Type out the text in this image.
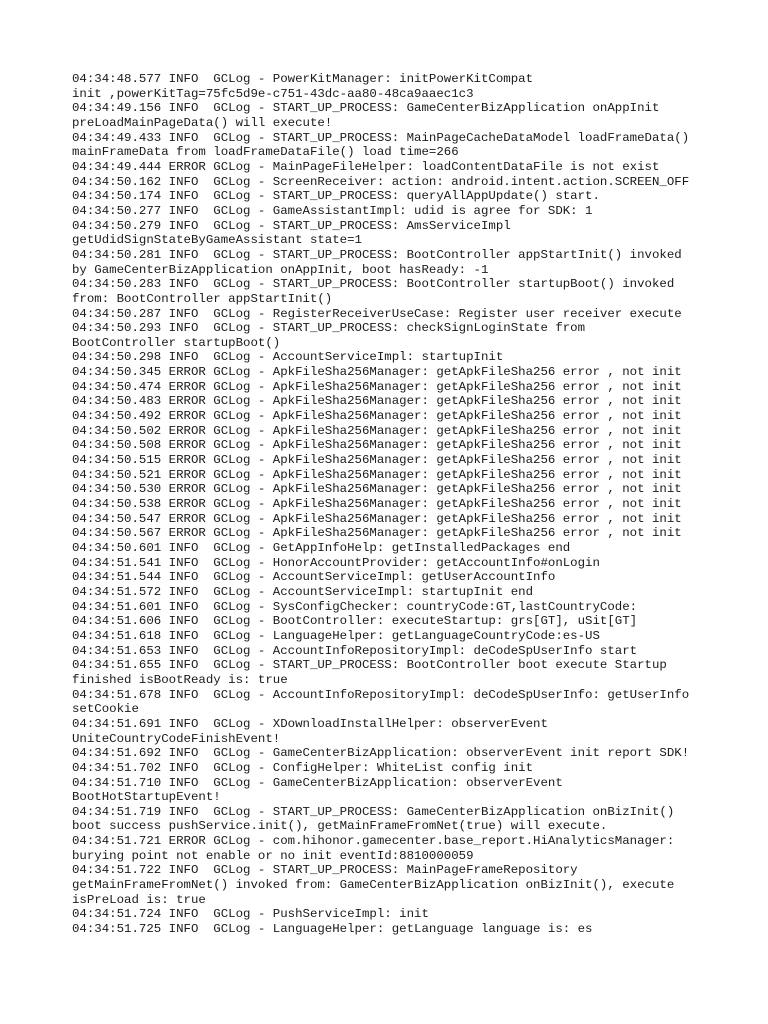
04:34:48.577 INFO  GCLog - PowerKitManager: initPowerKitCompat
init ,powerKitTag=75fc5d9e-c751-43dc-aa80-48ca9aaec1c3
04:34:49.156 INFO  GCLog - START_UP_PROCESS: GameCenterBizApplication onAppInit
preLoadMainPageData() will execute!
04:34:49.433 INFO  GCLog - START_UP_PROCESS: MainPageCacheDataModel loadFrameData()
mainFrameData from loadFrameDataFile() load time=266
04:34:49.444 ERROR GCLog - MainPageFileHelper: loadContentDataFile is not exist
04:34:50.162 INFO  GCLog - ScreenReceiver: action: android.intent.action.SCREEN_OFF
04:34:50.174 INFO  GCLog - START_UP_PROCESS: queryAllAppUpdate() start.
04:34:50.277 INFO  GCLog - GameAssistantImpl: udid is agree for SDK: 1
04:34:50.279 INFO  GCLog - START_UP_PROCESS: AmsServiceImpl
getUdidSignStateByGameAssistant state=1
04:34:50.281 INFO  GCLog - START_UP_PROCESS: BootController appStartInit() invoked
by GameCenterBizApplication onAppInit, boot hasReady: -1
04:34:50.283 INFO  GCLog - START_UP_PROCESS: BootController startupBoot() invoked
from: BootController appStartInit()
04:34:50.287 INFO  GCLog - RegisterReceiverUseCase: Register user receiver execute
04:34:50.293 INFO  GCLog - START_UP_PROCESS: checkSignLoginState from
BootController startupBoot()
04:34:50.298 INFO  GCLog - AccountServiceImpl: startupInit
04:34:50.345 ERROR GCLog - ApkFileSha256Manager: getApkFileSha256 error , not init
04:34:50.474 ERROR GCLog - ApkFileSha256Manager: getApkFileSha256 error , not init
04:34:50.483 ERROR GCLog - ApkFileSha256Manager: getApkFileSha256 error , not init
04:34:50.492 ERROR GCLog - ApkFileSha256Manager: getApkFileSha256 error , not init
04:34:50.502 ERROR GCLog - ApkFileSha256Manager: getApkFileSha256 error , not init
04:34:50.508 ERROR GCLog - ApkFileSha256Manager: getApkFileSha256 error , not init
04:34:50.515 ERROR GCLog - ApkFileSha256Manager: getApkFileSha256 error , not init
04:34:50.521 ERROR GCLog - ApkFileSha256Manager: getApkFileSha256 error , not init
04:34:50.530 ERROR GCLog - ApkFileSha256Manager: getApkFileSha256 error , not init
04:34:50.538 ERROR GCLog - ApkFileSha256Manager: getApkFileSha256 error , not init
04:34:50.547 ERROR GCLog - ApkFileSha256Manager: getApkFileSha256 error , not init
04:34:50.567 ERROR GCLog - ApkFileSha256Manager: getApkFileSha256 error , not init
04:34:50.601 INFO  GCLog - GetAppInfoHelp: getInstalledPackages end
04:34:51.541 INFO  GCLog - HonorAccountProvider: getAccountInfo#onLogin
04:34:51.544 INFO  GCLog - AccountServiceImpl: getUserAccountInfo
04:34:51.572 INFO  GCLog - AccountServiceImpl: startupInit end
04:34:51.601 INFO  GCLog - SysConfigChecker: countryCode:GT,lastCountryCode:
04:34:51.606 INFO  GCLog - BootController: executeStartup: grs[GT], uSit[GT]
04:34:51.618 INFO  GCLog - LanguageHelper: getLanguageCountryCode:es-US
04:34:51.653 INFO  GCLog - AccountInfoRepositoryImpl: deCodeSpUserInfo start
04:34:51.655 INFO  GCLog - START_UP_PROCESS: BootController boot execute Startup
finished isBootReady is: true
04:34:51.678 INFO  GCLog - AccountInfoRepositoryImpl: deCodeSpUserInfo: getUserInfo
setCookie
04:34:51.691 INFO  GCLog - XDownloadInstallHelper: observerEvent
UniteCountryCodeFinishEvent!
04:34:51.692 INFO  GCLog - GameCenterBizApplication: observerEvent init report SDK!
04:34:51.702 INFO  GCLog - ConfigHelper: WhiteList config init
04:34:51.710 INFO  GCLog - GameCenterBizApplication: observerEvent
BootHotStartupEvent!
04:34:51.719 INFO  GCLog - START_UP_PROCESS: GameCenterBizApplication onBizInit()
boot success pushService.init(), getMainFrameFromNet(true) will execute.
04:34:51.721 ERROR GCLog - com.hihonor.gamecenter.base_report.HiAnalyticsManager:
burying point not enable or no init eventId:8810000059
04:34:51.722 INFO  GCLog - START_UP_PROCESS: MainPageFrameRepository
getMainFrameFromNet() invoked from: GameCenterBizApplication onBizInit(), execute
isPreLoad is: true
04:34:51.724 INFO  GCLog - PushServiceImpl: init
04:34:51.725 INFO  GCLog - LanguageHelper: getLanguage language is: es
